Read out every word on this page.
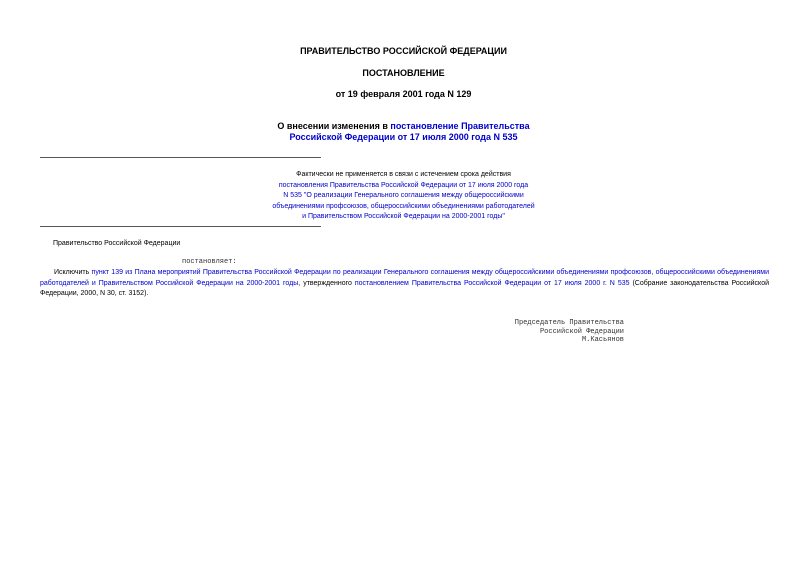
ПРАВИТЕЛЬСТВО РОССИЙСКОЙ ФЕДЕРАЦИИ
ПОСТАНОВЛЕНИЕ
от 19 февраля 2001 года N 129
О внесении изменения в постановление Правительства
Российской Федерации от 17 июля 2000 года N 535
Фактически не применяется в связи с истечением срока действия
постановления Правительства Российской Федерации от 17 июля 2000 года
N 535 "О реализации Генерального соглашения между общероссийскими
объединениями профсоюзов, общероссийскими объединениями работодателей
и Правительством Российской Федерации на 2000-2001 годы"
Правительство Российской Федерации
постановляет:
Исключить пункт 139 из Плана мероприятий Правительства Российской Федерации по реализации Генерального соглашения между общероссийскими объединениями профсоюзов, общероссийскими объединениями работодателей и Правительством Российской Федерации на 2000-2001 годы, утвержденного постановлением Правительства Российской Федерации от 17 июля 2000 г. N 535 (Собрание законодательства Российской Федерации, 2000, N 30, ст. 3152).
Председатель Правительства
Российской Федерации
М.Касьянов
